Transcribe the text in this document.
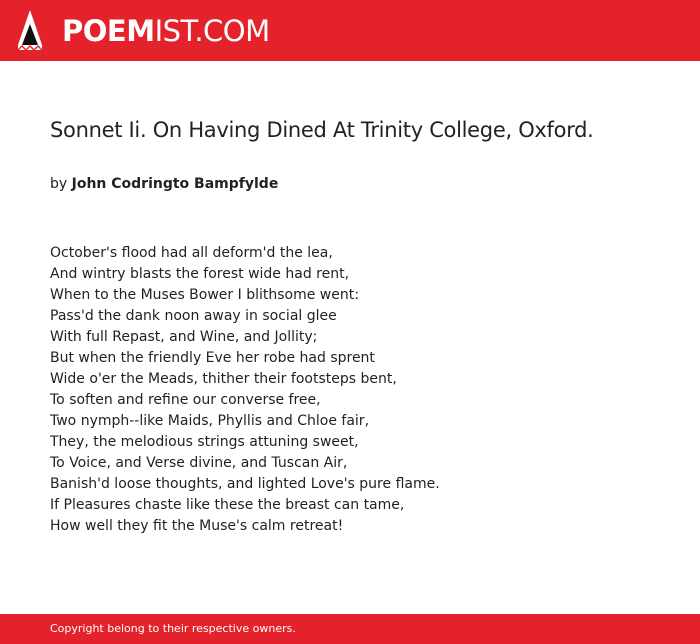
POEMIST.COM
Sonnet Ii. On Having Dined At Trinity College, Oxford.
by John Codringto Bampfylde
October's flood had all deform'd the lea,
And wintry blasts the forest wide had rent,
When to the Muses Bower I blithsome went:
Pass'd the dank noon away in social glee
With full Repast, and Wine, and Jollity;
But when the friendly Eve her robe had sprent
Wide o'er the Meads, thither their footsteps bent,
To soften and refine our converse free,
Two nymph--like Maids, Phyllis and Chloe fair,
They, the melodious strings attuning sweet,
To Voice, and Verse divine, and Tuscan Air,
Banish'd loose thoughts, and lighted Love's pure flame.
If Pleasures chaste like these the breast can tame,
How well they fit the Muse's calm retreat!
Copyright belong to their respective owners.
